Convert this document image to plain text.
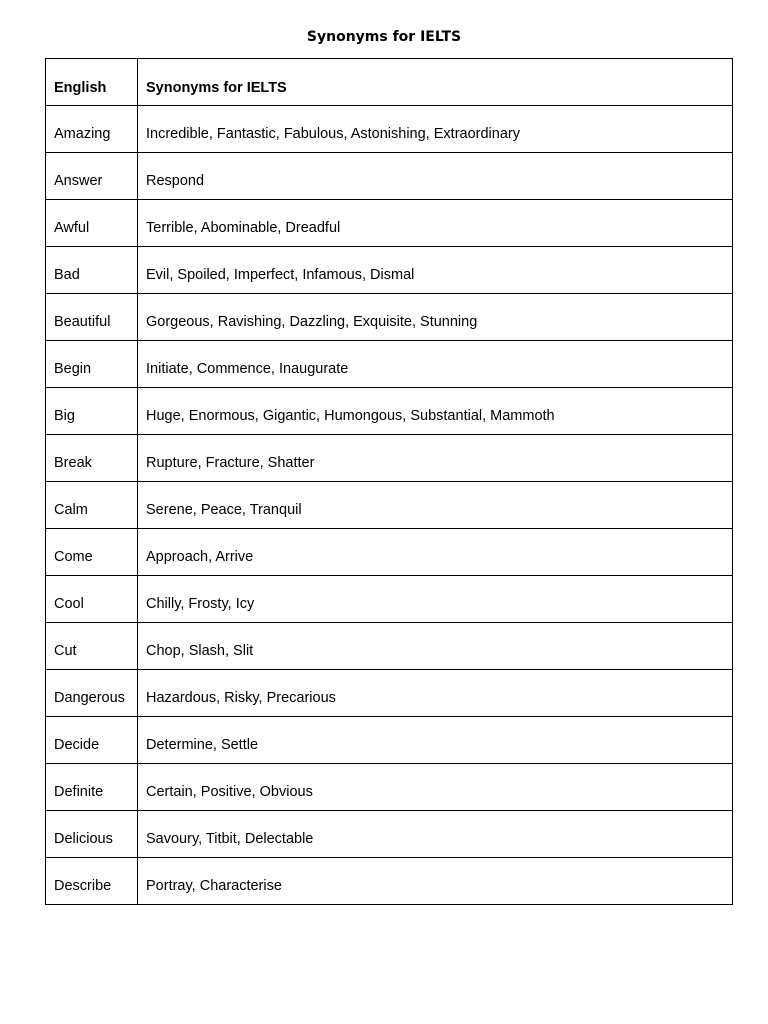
Synonyms for IELTS
English	Synonyms for IELTS
Amazing	Incredible, Fantastic, Fabulous, Astonishing, Extraordinary
Answer	Respond
Awful	Terrible, Abominable, Dreadful
Bad	Evil, Spoiled, Imperfect, Infamous, Dismal
Beautiful	Gorgeous, Ravishing, Dazzling, Exquisite, Stunning
Begin	Initiate, Commence, Inaugurate
Big	Huge, Enormous, Gigantic, Humongous, Substantial, Mammoth
Break	Rupture, Fracture, Shatter
Calm	Serene, Peace, Tranquil
Come	Approach, Arrive
Cool	Chilly, Frosty, Icy
Cut	Chop, Slash, Slit
Dangerous	Hazardous, Risky, Precarious
Decide	Determine, Settle
Definite	Certain, Positive, Obvious
Delicious	Savoury, Titbit, Delectable
Describe	Portray, Characterise
